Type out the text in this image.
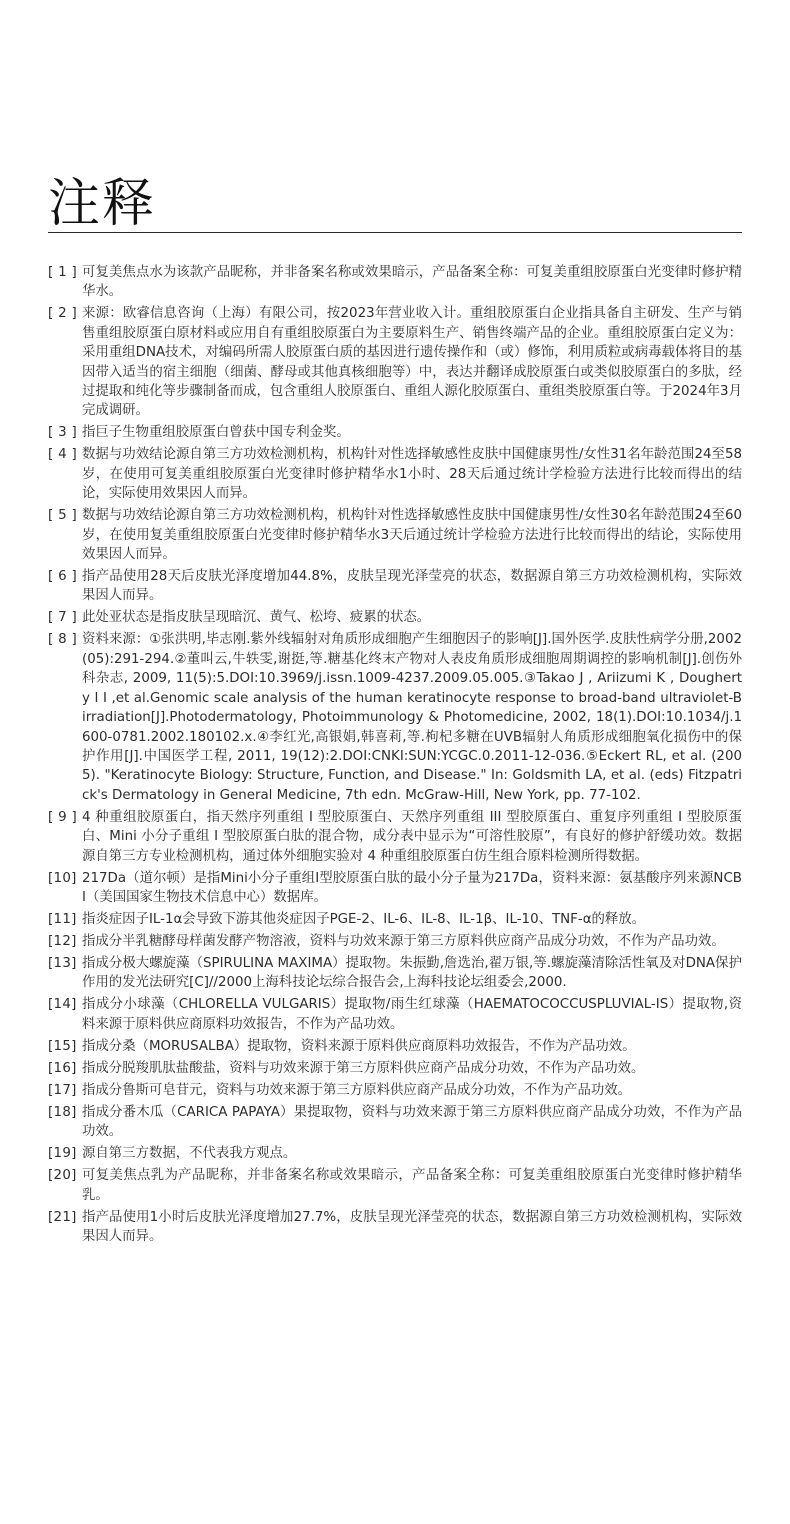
注释
[ 1 ] 可复美焦点水为该款产品昵称，并非备案名称或效果暗示，产品备案全称：可复美重组胶原蛋白光变律时修护精华水。
[ 2 ] 来源：欧睿信息咨询（上海）有限公司，按2023年营业收入计。重组胶原蛋白企业指具备自主研发、生产与销售重组胶原蛋白原材料或应用自有重组胶原蛋白为主要原料生产、销售终端产品的企业。重组胶原蛋白定义为：采用重组DNA技术，对编码所需人胶原蛋白质的基因进行遗传操作和（或）修饰，利用质粒或病毒载体将目的基因带入适当的宿主细胞（细菌、酵母或其他真核细胞等）中，表达并翻译成胶原蛋白或类似胶原蛋白的多肽，经过提取和纯化等步骤制备而成，包含重组人胶原蛋白、重组人源化胶原蛋白、重组类胶原蛋白等。于2024年3月完成调研。
[ 3 ] 指巨子生物重组胶原蛋白曾获中国专利金奖。
[ 4 ] 数据与功效结论源自第三方功效检测机构，机构针对性选择敏感性皮肤中国健康男性/女性31名年龄范围24至58岁，在使用可复美重组胶原蛋白光变律时修护精华水1小时、28天后通过统计学检验方法进行比较而得出的结论，实际使用效果因人而异。
[ 5 ] 数据与功效结论源自第三方功效检测机构，机构针对性选择敏感性皮肤中国健康男性/女性30名年龄范围24至60岁，在使用复美重组胶原蛋白光变律时修护精华水3天后通过统计学检验方法进行比较而得出的结论，实际使用效果因人而异。
[ 6 ] 指产品使用28天后皮肤光泽度增加44.8%，皮肤呈现光泽莹亮的状态，数据源自第三方功效检测机构，实际效果因人而异。
[ 7 ] 此处亚状态是指皮肤呈现暗沉、黄气、松垮、疲累的状态。
[ 8 ] 资料来源：①张洪明,毕志刚.紫外线辐射对角质形成细胞产生细胞因子的影响[J].国外医学.皮肤性病学分册,2002(05):291-294.②董叫云,牛轶雯,谢挺,等.糖基化终末产物对人表皮角质形成细胞周期调控的影响机制[J].创伤外科杂志, 2009, 11(5):5.DOI:10.3969/j.issn.1009-4237.2009.05.005.③Takao J , Ariizumi K , Dougherty I I ,et al.Genomic scale analysis of the human keratinocyte response to broad-band ultraviolet-B irradiation[J].Photodermatology, Photoimmunology & Photomedicine, 2002, 18(1).DOI:10.1034/j.1600-0781.2002.180102.x.④李红光,高银娟,韩喜莉,等.枸杞多糖在UVB辐射人角质形成细胞氧化损伤中的保护作用[J].中国医学工程, 2011, 19(12):2.DOI:CNKI:SUN:YCGC.0.2011-12-036.⑤Eckert RL, et al. (2005). "Keratinocyte Biology: Structure, Function, and Disease." In: Goldsmith LA, et al. (eds) Fitzpatrick's Dermatology in General Medicine, 7th edn. McGraw-Hill, New York, pp. 77-102.
[ 9 ] 4 种重组胶原蛋白，指天然序列重组 I 型胶原蛋白、天然序列重组 III 型胶原蛋白、重复序列重组 I 型胶原蛋白、Mini 小分子重组 I 型胶原蛋白肽的混合物，成分表中显示为“可溶性胶原”，有良好的修护舒缓功效。数据源自第三方专业检测机构，通过体外细胞实验对 4 种重组胶原蛋白仿生组合原料检测所得数据。
[10] 217Da（道尔顿）是指Mini小分子重组I型胶原蛋白肽的最小分子量为217Da，资料来源：氨基酸序列来源NCBI（美国国家生物技术信息中心）数据库。
[11] 指炎症因子IL-1α会导致下游其他炎症因子PGE-2、IL-6、IL-8、IL-1β、IL-10、TNF-α的释放。
[12] 指成分半乳糖酵母样菌发酵产物溶液，资料与功效来源于第三方原料供应商产品成分功效，不作为产品功效。
[13] 指成分极大螺旋藻（SPIRULINA MAXIMA）提取物。朱振勤,詹选治,翟万银,等.螺旋藻清除活性氧及对DNA保护作用的发光法研究[C]//2000上海科技论坛综合报告会,上海科技论坛组委会,2000.
[14] 指成分小球藻（CHLORELLA VULGARIS）提取物/雨生红球藻（HAEMATOCOCCUSPLUVIAL-IS）提取物,资料来源于原料供应商原料功效报告，不作为产品功效。
[15] 指成分桑（MORUSALBA）提取物，资料来源于原料供应商原料功效报告，不作为产品功效。
[16] 指成分脱羧肌肽盐酸盐，资料与功效来源于第三方原料供应商产品成分功效，不作为产品功效。
[17] 指成分鲁斯可皂苷元，资料与功效来源于第三方原料供应商产品成分功效，不作为产品功效。
[18] 指成分番木瓜（CARICA PAPAYA）果提取物，资料与功效来源于第三方原料供应商产品成分功效，不作为产品功效。
[19] 源自第三方数据，不代表我方观点。
[20] 可复美焦点乳为产品昵称，并非备案名称或效果暗示，产品备案全称：可复美重组胶原蛋白光变律时修护精华乳。
[21] 指产品使用1小时后皮肤光泽度增加27.7%，皮肤呈现光泽莹亮的状态，数据源自第三方功效检测机构，实际效果因人而异。
